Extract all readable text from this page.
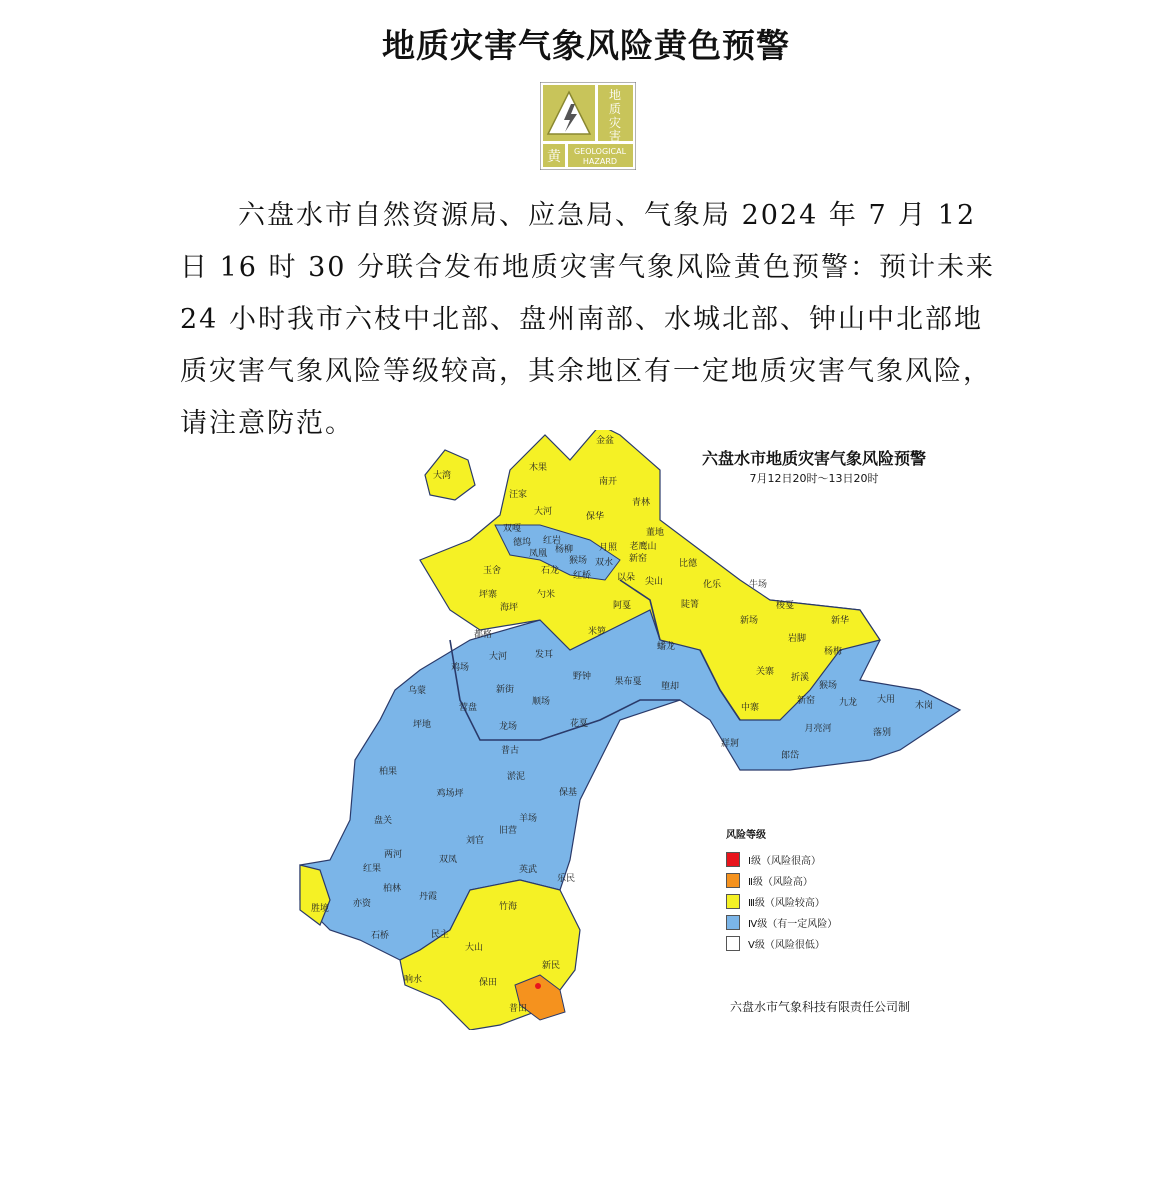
地质灾害气象风险黄色预警
地
质
灾
害
黄 GEOLOGICAL
HAZARD
六盘水市自然资源局、应急局、气象局 2024 年 7 月 12 日 16 时 30 分联合发布地质灾害气象风险黄色预警：预计未来 24 小时我市六枝中北部、盘州南部、水城北部、钟山中北部地质灾害气象风险等级较高，其余地区有一定地质灾害气象风险，请注意防范。
大湾
金盆
木果
南开
汪家
大河
青林
保华
双嘎
德坞 红岩
月照 老鹰山
董地
凤凰 杨柳
猴场 双水 新窑	比德
玉舍	石龙 红桥	以朵 尖山	化乐	牛场
坪寨	勺米
海坪	阿戛	陡箐
新场
梭戛
新华
都格	米箩
岩脚
大河	发耳	杨梅
蟠龙
关寨
鸡场
乌蒙	新街
野钟	果布戛 堕却
折溪
大用
木岗
中寨
新窑	九龙
营盘
顺场
猴场
坪地	龙场	花戛	月亮河	落别
牂牁
郎岱
普古
柏果	淤泥
鸡场坪	保基
盘关	羊场
两河
旧营
刘官
红果
双凤
英武
柏林
乐民
亦资
丹霞
竹海
胜境
石桥	民主
大山
新民
响水	保田
普田
六盘水市地质灾害气象风险预警
7月12日20时～13日20时
风险等级
Ⅰ级（风险很高）
Ⅱ级（风险高）
Ⅲ级（风险较高）
Ⅳ级（有一定风险）
Ⅴ级（风险很低）
六盘水市气象科技有限责任公司制
